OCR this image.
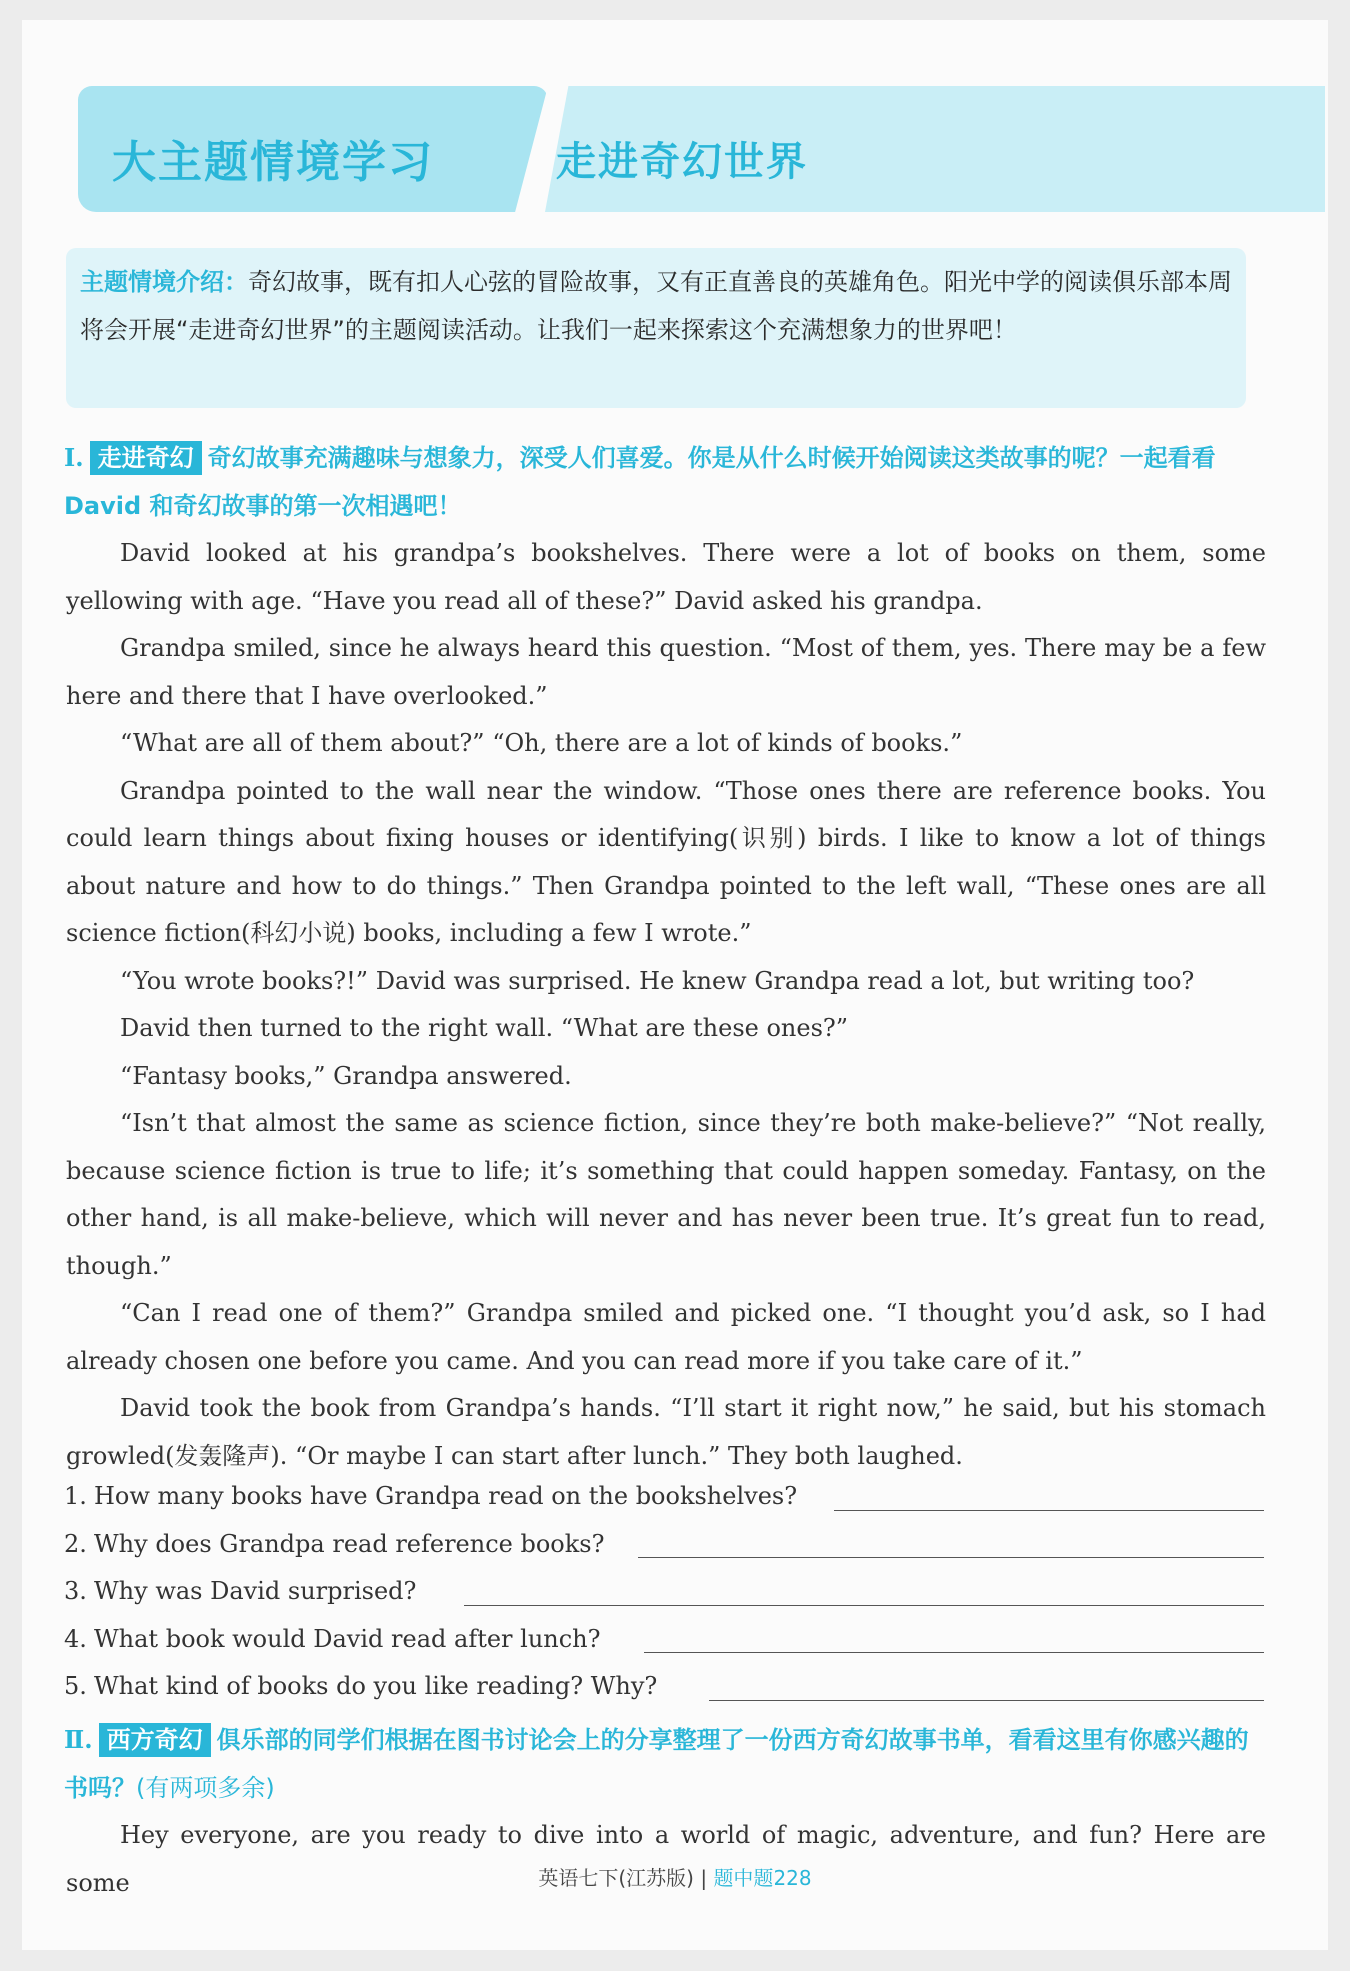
大主题情境学习	走进奇幻世界
主题情境介绍：奇幻故事，既有扣人心弦的冒险故事，又有正直善良的英雄角色。阳光中学的阅读俱乐部本周将会开展“走进奇幻世界”的主题阅读活动。让我们一起来探索这个充满想象力的世界吧！
Ⅰ. 走进奇幻 奇幻故事充满趣味与想象力，深受人们喜爱。你是从什么时候开始阅读这类故事的呢？一起看看 David 和奇幻故事的第一次相遇吧！

David looked at his grandpa’s bookshelves. There were a lot of books on them, some yellowing with age. “Have you read all of these?” David asked his grandpa.

Grandpa smiled, since he always heard this question. “Most of them, yes. There may be a few here and there that I have overlooked.”

“What are all of them about?” “Oh, there are a lot of kinds of books.”

Grandpa pointed to the wall near the window. “Those ones there are reference books. You could learn things about fixing houses or identifying(识别) birds. I like to know a lot of things about nature and how to do things.” Then Grandpa pointed to the left wall, “These ones are all science fiction(科幻小说) books, including a few I wrote.”

“You wrote books?!” David was surprised. He knew Grandpa read a lot, but writing too?

David then turned to the right wall. “What are these ones?”

“Fantasy books,” Grandpa answered.

“Isn’t that almost the same as science fiction, since they’re both make-believe?” “Not really, because science fiction is true to life; it’s something that could happen someday. Fantasy, on the other hand, is all make-believe, which will never and has never been true. It’s great fun to read, though.”

“Can I read one of them?” Grandpa smiled and picked one. “I thought you’d ask, so I had already chosen one before you came. And you can read more if you take care of it.”

David took the book from Grandpa’s hands. “I’ll start it right now,” he said, but his stomach growled(发轰隆声). “Or maybe I can start after lunch.” They both laughed.

1. How many books have Grandpa read on the bookshelves?
2. Why does Grandpa read reference books?
3. Why was David surprised?
4. What book would David read after lunch?
5. What kind of books do you like reading? Why?
Ⅱ. 西方奇幻 俱乐部的同学们根据在图书讨论会上的分享整理了一份西方奇幻故事书单，看看这里有你感兴趣的书吗？(有两项多余)

Hey everyone, are you ready to dive into a world of magic, adventure, and fun? Here are some	英语七下(江苏版) | 题中题228
